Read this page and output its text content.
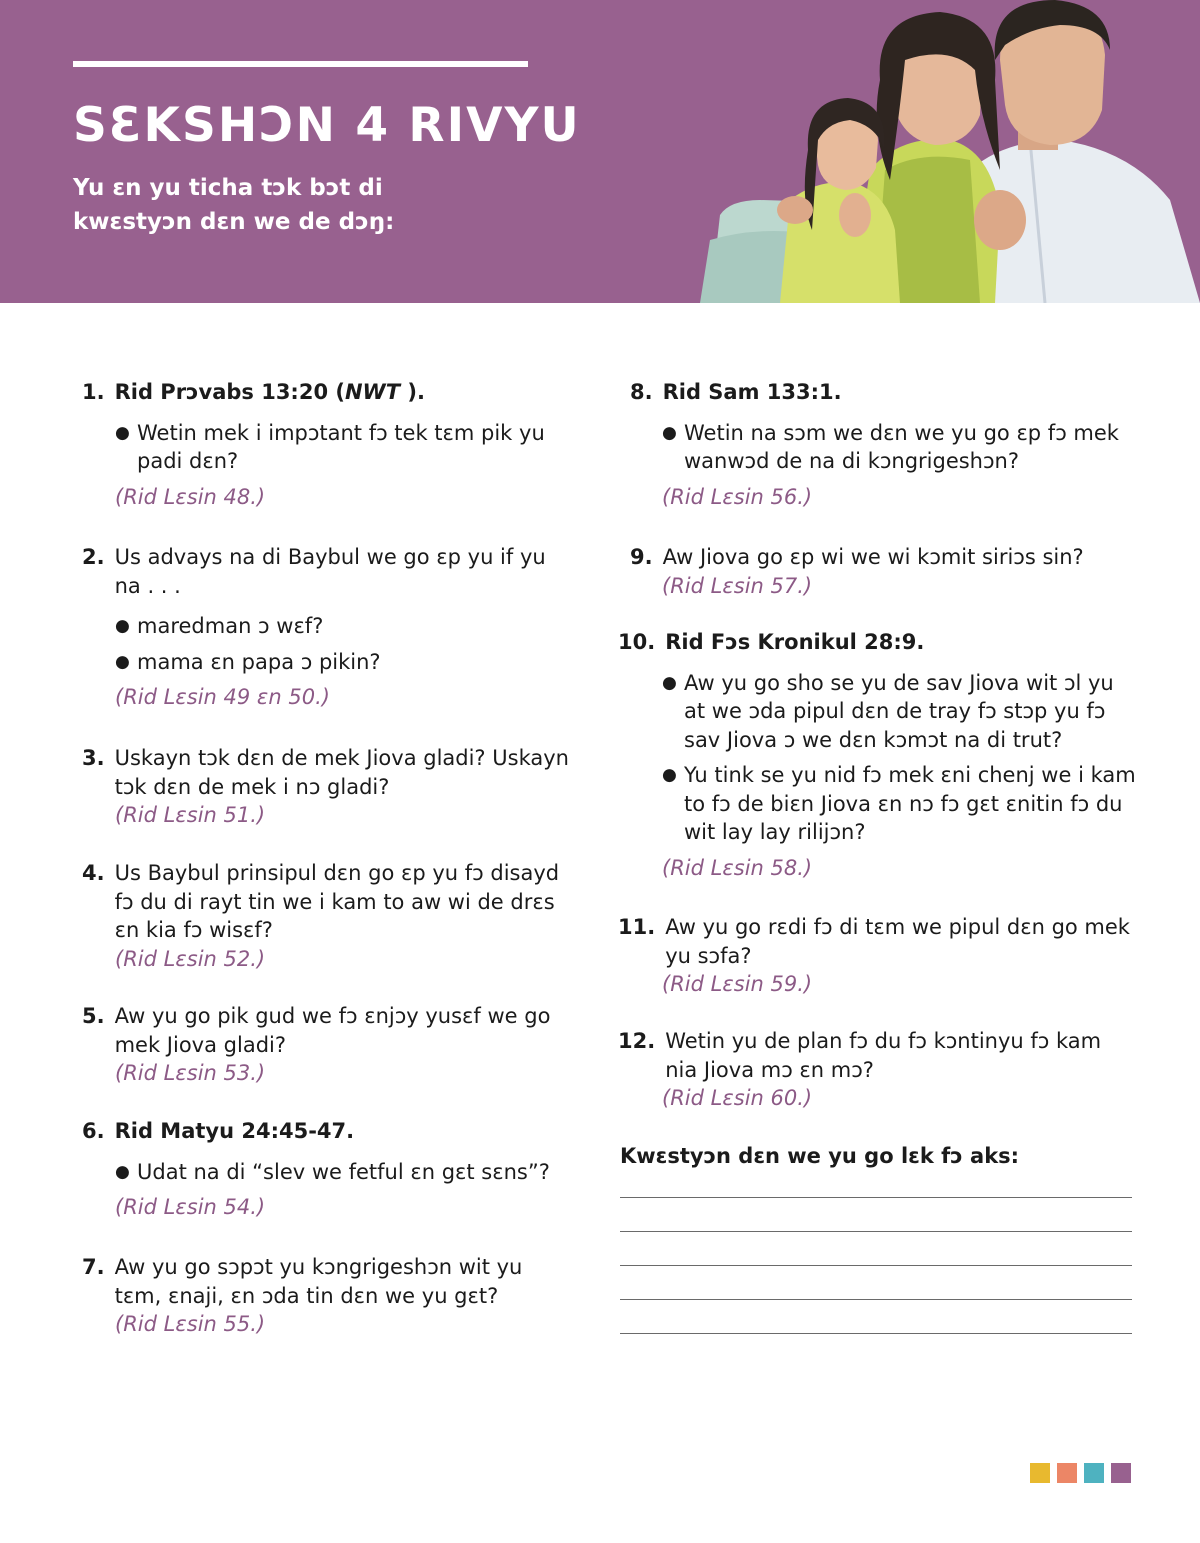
SƐKSHƆN 4 RIVYU
Yu ɛn yu ticha tɔk bɔt di kwɛstyɔn dɛn we de dɔŋ:
1. Rid Prɔvabs 13:20 (NWT ).
● Wetin mek i impɔtant fɔ tek tɛm pik yu padi dɛn?
(Rid Lɛsin 48.)
2. Us advays na di Baybul we go ɛp yu if yu na . . .
● maredman ɔ wɛf?
● mama ɛn papa ɔ pikin?
(Rid Lɛsin 49 ɛn 50.)
3. Uskayn tɔk dɛn de mek Jiova gladi? Uskayn tɔk dɛn de mek i nɔ gladi?
(Rid Lɛsin 51.)
4. Us Baybul prinsipul dɛn go ɛp yu fɔ disayd fɔ du di rayt tin we i kam to aw wi de drɛs ɛn kia fɔ wisɛf?
(Rid Lɛsin 52.)
5. Aw yu go pik gud we fɔ ɛnjɔy yusɛf we go mek Jiova gladi?
(Rid Lɛsin 53.)
6. Rid Matyu 24:45-47.
● Udat na di “slev we fetful ɛn gɛt sɛns”?
(Rid Lɛsin 54.)
7. Aw yu go sɔpɔt yu kɔngrigeshɔn wit yu tɛm, ɛnaji, ɛn ɔda tin dɛn we yu gɛt?
(Rid Lɛsin 55.)
8. Rid Sam 133:1.
● Wetin na sɔm we dɛn we yu go ɛp fɔ mek wanwɔd de na di kɔngrigeshɔn?
(Rid Lɛsin 56.)
9. Aw Jiova go ɛp wi we wi kɔmit siriɔs sin?
(Rid Lɛsin 57.)
10. Rid Fɔs Kronikul 28:9.
● Aw yu go sho se yu de sav Jiova wit ɔl yu at we ɔda pipul dɛn de tray fɔ stɔp yu fɔ sav Jiova ɔ we dɛn kɔmɔt na di trut?
● Yu tink se yu nid fɔ mek ɛni chenj we i kam to fɔ de biɛn Jiova ɛn nɔ fɔ gɛt ɛnitin fɔ du wit lay lay rilijɔn?
(Rid Lɛsin 58.)
11. Aw yu go rɛdi fɔ di tɛm we pipul dɛn go mek yu sɔfa?
(Rid Lɛsin 59.)
12. Wetin yu de plan fɔ du fɔ kɔntinyu fɔ kam nia Jiova mɔ ɛn mɔ?
(Rid Lɛsin 60.)
Kwɛstyɔn dɛn we yu go lɛk fɔ aks:
